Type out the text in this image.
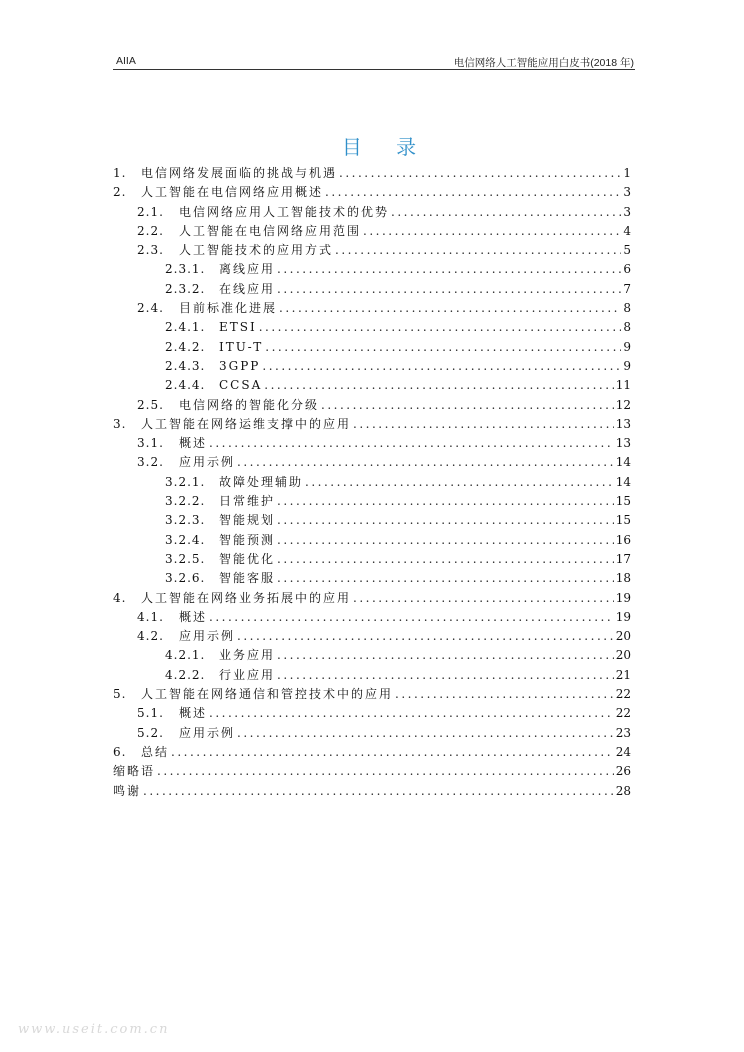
AIIA	电信网络人工智能应用白皮书(2018 年)
目 录
1.	电信网络发展面临的挑战与机遇 .....	1
2.	人工智能在电信网络应用概述 .....	3
2.1.	电信网络应用人工智能技术的优势 .....	3
2.2.	人工智能在电信网络应用范围 .....	4
2.3.	人工智能技术的应用方式 .....	5
2.3.1.	离线应用 .....	6
2.3.2.	在线应用 .....	7
2.4.	目前标准化进展 .....	8
2.4.1.	ETSI .....	8
2.4.2.	ITU-T .....	9
2.4.3.	3GPP .....	9
2.4.4.	CCSA .....	11
2.5.	电信网络的智能化分级 .....	12
3.	人工智能在网络运维支撑中的应用 .....	13
3.1.	概述 .....	13
3.2.	应用示例 .....	14
3.2.1.	故障处理辅助 .....	14
3.2.2.	日常维护 .....	15
3.2.3.	智能规划 .....	15
3.2.4.	智能预测 .....	16
3.2.5.	智能优化 .....	17
3.2.6.	智能客服 .....	18
4.	人工智能在网络业务拓展中的应用 .....	19
4.1.	概述 .....	19
4.2.	应用示例 .....	20
4.2.1.	业务应用 .....	20
4.2.2.	行业应用 .....	21
5.	人工智能在网络通信和管控技术中的应用 .....	22
5.1.	概述 .....	22
5.2.	应用示例 .....	23
6.	总结 .....	24
缩略语 .....	26
鸣谢 .....	28
www.useit.com.cn
